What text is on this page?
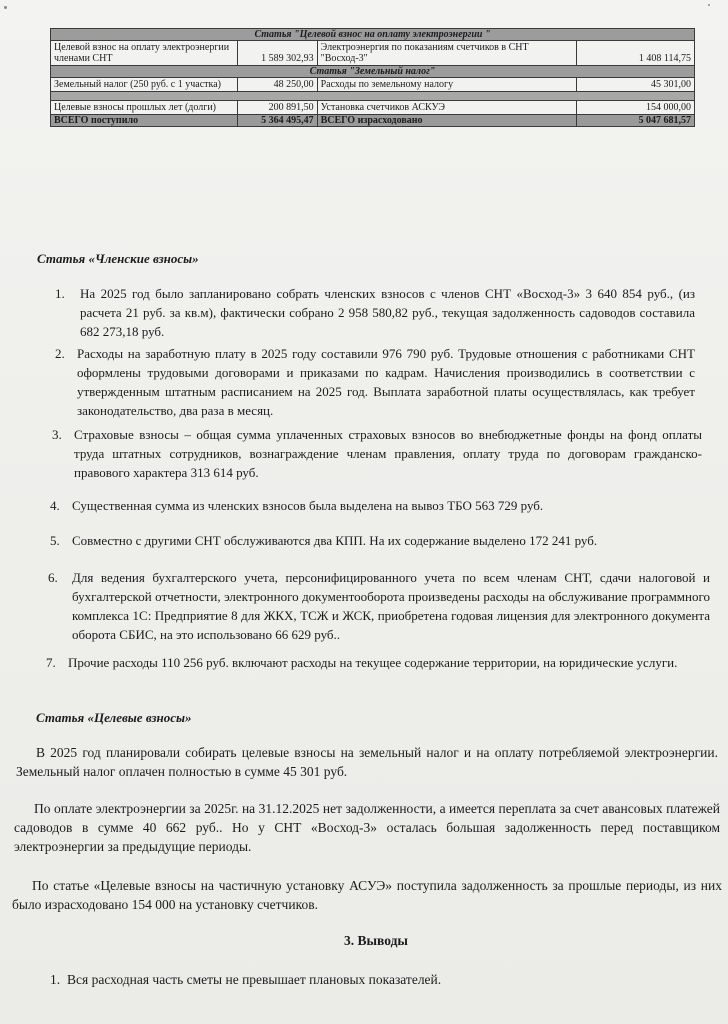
Статья "Целевой взнос на оплату электроэнергии "			
Целевой взнос на оплату электроэнергии членами СНТ	1 589 302,93	Электроэнергия по показаниям счетчиков в СНТ "Восход-3"	1 408 114,75
Статья "Земельный налог"			
Земельный налог (250 руб. с 1 участка)	48 250,00	Расходы по земельному налогу	45 301,00

Целевые взносы прошлых лет (долги)	200 891,50	Установка счетчиков АСКУЭ	154 000,00
ВСЕГО поступило	5 364 495,47	ВСЕГО израсходовано	5 047 681,57
Статья «Членские взносы»
1. На 2025 год было запланировано собрать членских взносов с членов СНТ «Восход-3» 3 640 854 руб., (из расчета 21 руб. за кв.м), фактически собрано 2 958 580,82 руб., текущая задолженность садоводов составила 682 273,18 руб.
2. Расходы на заработную плату в 2025 году составили 976 790 руб. Трудовые отношения с работниками СНТ оформлены трудовыми договорами и приказами по кадрам. Начисления производились в соответствии с утвержденным штатным расписанием на 2025 год. Выплата заработной платы осуществлялась, как требует законодательство, два раза в месяц.
3. Страховые взносы – общая сумма уплаченных страховых взносов во внебюджетные фонды на фонд оплаты труда штатных сотрудников, вознаграждение членам правления, оплату труда по договорам гражданско-правового характера 313 614 руб.
4. Существенная сумма из членских взносов была выделена на вывоз ТБО 563 729 руб.
5. Совместно с другими СНТ обслуживаются два КПП. На их содержание выделено 172 241 руб.
6. Для ведения бухгалтерского учета, персонифицированного учета по всем членам СНТ, сдачи налоговой и бухгалтерской отчетности, электронного документооборота произведены расходы на обслуживание программного комплекса 1С: Предприятие 8 для ЖКХ, ТСЖ и ЖСК, приобретена годовая лицензия для электронного документа оборота СБИС, на это использовано 66 629 руб..
7. Прочие расходы 110 256 руб. включают расходы на текущее содержание территории, на юридические услуги.
Статья «Целевые взносы»
В 2025 год планировали собирать целевые взносы на земельный налог и на оплату потребляемой электроэнергии. Земельный налог оплачен полностью в сумме 45 301 руб.
По оплате электроэнергии за 2025г. на 31.12.2025 нет задолженности, а имеется переплата за счет авансовых платежей садоводов в сумме 40 662 руб.. Но у СНТ «Восход-3» осталась большая задолженность перед поставщиком электроэнергии за предыдущие периоды.
По статье «Целевые взносы на частичную установку АСУЭ» поступила задолженность за прошлые периоды, из них было израсходовано 154 000 на установку счетчиков.
3. Выводы
1. Вся расходная часть сметы не превышает плановых показателей.
